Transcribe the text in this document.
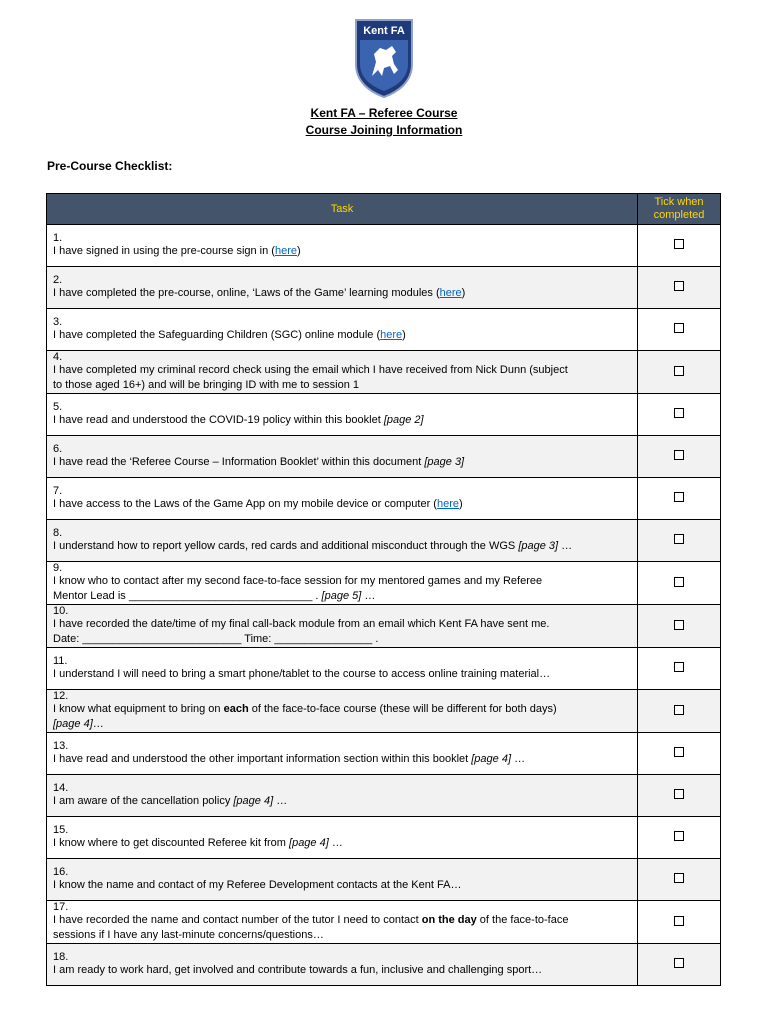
Kent FA
Kent FA – Referee Course
Course Joining Information
Pre-Course Checklist:
Task	Tick when
completed
1.I have signed in using the pre-course sign in (here)	
2.I have completed the pre-course, online, ‘Laws of the Game’ learning modules (here)	
3.I have completed the Safeguarding Children (SGC) online module (here)	
4.I have completed my criminal record check using the email which I have received from Nick Dunn (subject
to those aged 16+) and will be bringing ID with me to session 1	
5.I have read and understood the COVID-19 policy within this booklet [page 2]	
6.I have read the ‘Referee Course – Information Booklet’ within this document [page 3]	
7.I have access to the Laws of the Game App on my mobile device or computer (here)	
8.I understand how to report yellow cards, red cards and additional misconduct through the WGS [page 3] …	
9.I know who to contact after my second face-to-face session for my mentored games and my Referee
Mentor Lead is ______________________________ . [page 5] …	
10.I have recorded the date/time of my final call-back module from an email which Kent FA have sent me.
Date: __________________________ Time: ________________ .	
11.I understand I will need to bring a smart phone/tablet to the course to access online training material…	
12.I know what equipment to bring on each of the face-to-face course (these will be different for both days)
[page 4]…	
13.I have read and understood the other important information section within this booklet [page 4] …	
14.I am aware of the cancellation policy [page 4] …	
15.I know where to get discounted Referee kit from [page 4] …	
16.I know the name and contact of my Referee Development contacts at the Kent FA…	
17.I have recorded the name and contact number of the tutor I need to contact on the day of the face-to-face
sessions if I have any last-minute concerns/questions…	
18.I am ready to work hard, get involved and contribute towards a fun, inclusive and challenging sport…	
